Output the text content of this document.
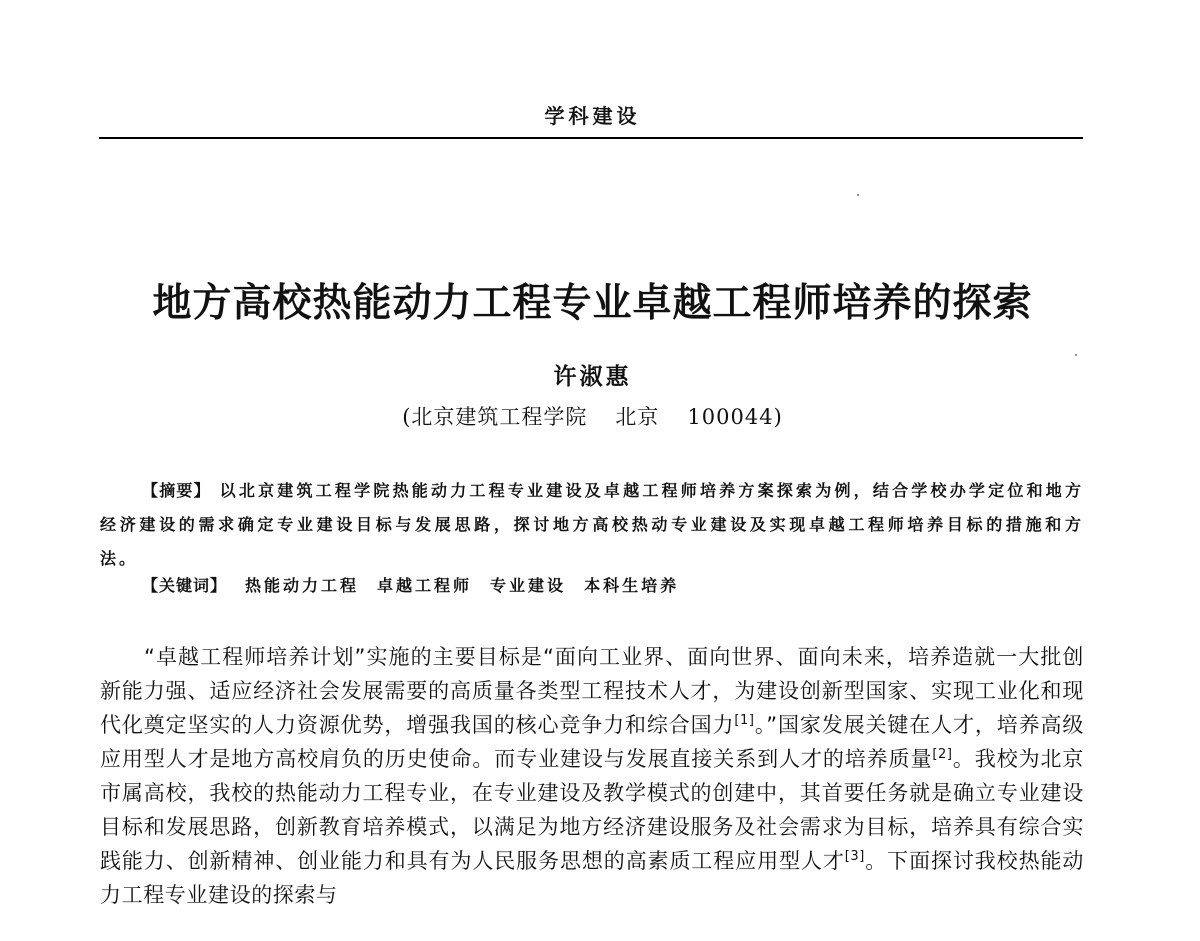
学科建设
地方高校热能动力工程专业卓越工程师培养的探索
许淑惠
(北京建筑工程学院 北京 100044)
【摘要】 以北京建筑工程学院热能动力工程专业建设及卓越工程师培养方案探索为例，结合学校办学定位和地方经济建设的需求确定专业建设目标与发展思路，探讨地方高校热动专业建设及实现卓越工程师培养目标的措施和方法。
【关键词】 热能动力工程 卓越工程师 专业建设 本科生培养

“卓越工程师培养计划”实施的主要目标是“面向工业界、面向世界、面向未来，培养造就一大批创新能力强、适应经济社会发展需要的高质量各类型工程技术人才，为建设创新型国家、实现工业化和现代化奠定坚实的人力资源优势，增强我国的核心竞争力和综合国力[1]。”国家发展关键在人才，培养高级应用型人才是地方高校肩负的历史使命。而专业建设与发展直接关系到人才的培养质量[2]。我校为北京市属高校，我校的热能动力工程专业，在专业建设及教学模式的创建中，其首要任务就是确立专业建设目标和发展思路，创新教育培养模式，以满足为地方经济建设服务及社会需求为目标，培养具有综合实践能力、创新精神、创业能力和具有为人民服务思想的高素质工程应用型人才[3]。下面探讨我校热能动力工程专业建设的探索与
